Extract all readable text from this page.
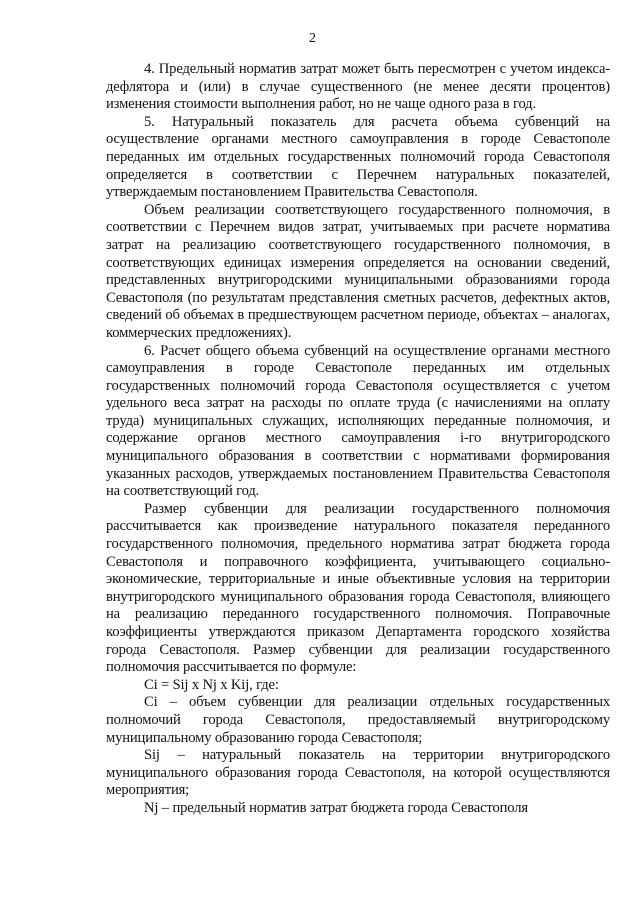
2

4. Предельный норматив затрат может быть пересмотрен с учетом индекса-дефлятора и (или) в случае существенного (не менее десяти процентов) изменения стоимости выполнения работ, но не чаще одного раза в год.

5. Натуральный показатель для расчета объема субвенций на осуществление органами местного самоуправления в городе Севастополе переданных им отдельных государственных полномочий города Севастополя определяется в соответствии с Перечнем натуральных показателей, утверждаемым постановлением Правительства Севастополя.

Объем реализации соответствующего государственного полномочия, в соответствии с Перечнем видов затрат, учитываемых при расчете норматива затрат на реализацию соответствующего государственного полномочия, в соответствующих единицах измерения определяется на основании сведений, представленных внутригородскими муниципальными образованиями города Севастополя (по результатам представления сметных расчетов, дефектных актов, сведений об объемах в предшествующем расчетном периоде, объектах – аналогах, коммерческих предложениях).

6. Расчет общего объема субвенций на осуществление органами местного самоуправления в городе Севастополе переданных им отдельных государственных полномочий города Севастополя осуществляется с учетом удельного веса затрат на расходы по оплате труда (с начислениями на оплату труда) муниципальных служащих, исполняющих переданные полномочия, и содержание органов местного самоуправления i-го внутригородского муниципального образования в соответствии с нормативами формирования указанных расходов, утверждаемых постановлением Правительства Севастополя на соответствующий год.

Размер субвенции для реализации государственного полномочия рассчитывается как произведение натурального показателя переданного государственного полномочия, предельного норматива затрат бюджета города Севастополя и поправочного коэффициента, учитывающего социально-экономические, территориальные и иные объективные условия на территории внутригородского муниципального образования города Севастополя, влияющего на реализацию переданного государственного полномочия. Поправочные коэффициенты утверждаются приказом Департамента городского хозяйства города Севастополя. Размер субвенции для реализации государственного полномочия рассчитывается по формуле:

Ci = Sij x Nj x Kij, где:

Ci – объем субвенции для реализации отдельных государственных полномочий города Севастополя, предоставляемый внутригородскому муниципальному образованию города Севастополя;

Sij – натуральный показатель на территории внутригородского муниципального образования города Севастополя, на которой осуществляются мероприятия;

Nj – предельный норматив затрат бюджета города Севастополя
